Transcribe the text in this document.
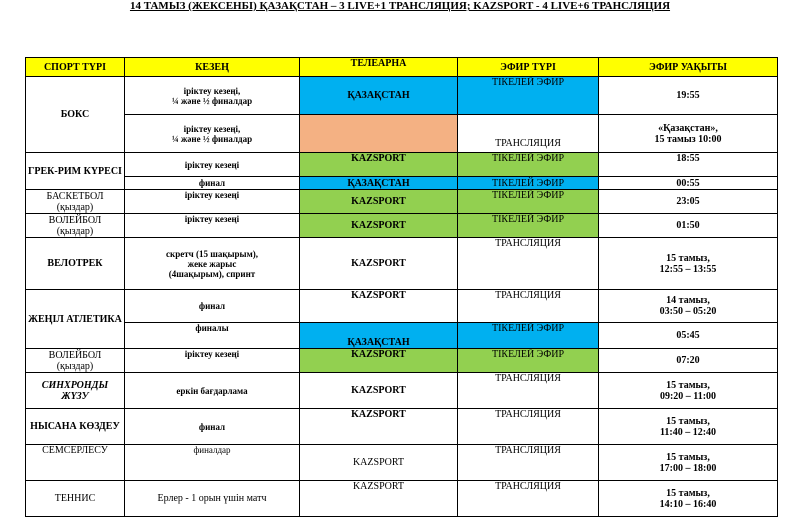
14 ТАМЫЗ (ЖЕКСЕНБІ) ҚАЗАҚСТАН – 3 LIVE+1 ТРАНСЛЯЦИЯ; KAZSPORT - 4 LIVE+6 ТРАНСЛЯЦИЯ
СПОРТ ТҮРІ	КЕЗЕҢ	ТЕЛЕАРНА	ЭФИР ТҮРІ	ЭФИР УАҚЫТЫ
БОКС	іріктеу кезеңі,
¼ және ½ финалдар	ҚАЗАҚСТАН	ТІКЕЛЕЙ ЭФИР	19:55
	іріктеу кезеңі,
¼ және ½ финалдар		ТРАНСЛЯЦИЯ	«Қазақстан»,
15 тамыз 10:00
ГРЕК-РИМ КҮРЕСІ	іріктеу кезеңі	KAZSPORT	ТІКЕЛЕЙ ЭФИР	18:55
	финал	ҚАЗАҚСТАН	ТІКЕЛЕЙ ЭФИР	00:55
БАСКЕТБОЛ
(қыздар)	іріктеу кезеңі	KAZSPORT	ТІКЕЛЕЙ ЭФИР	23:05
ВОЛЕЙБОЛ
(қыздар)	іріктеу кезеңі	KAZSPORT	ТІКЕЛЕЙ ЭФИР	01:50
ВЕЛОТРЕК	скретч (15 шақырым),
жеке жарыс
(4шақырым), спринт	KAZSPORT	ТРАНСЛЯЦИЯ	15 тамыз,
12:55 – 13:55
ЖЕҢІЛ АТЛЕТИКА	финал	KAZSPORT	ТРАНСЛЯЦИЯ	14 тамыз,
03:50 – 05:20
	финалы	ҚАЗАҚСТАН	ТІКЕЛЕЙ ЭФИР	05:45
ВОЛЕЙБОЛ
(қыздар)	іріктеу кезеңі	KAZSPORT	ТІКЕЛЕЙ ЭФИР	07:20
СИНХРОНДЫ ЖҮЗУ	еркін бағдарлама	KAZSPORT	ТРАНСЛЯЦИЯ	15 тамыз,
09:20 – 11:00
НЫСАНА КӨЗДЕУ	финал	KAZSPORT	ТРАНСЛЯЦИЯ	15 тамыз,
11:40 – 12:40
СЕМСЕРЛЕСУ	финалдар	KAZSPORT	ТРАНСЛЯЦИЯ	15 тамыз,
17:00 – 18:00
ТЕННИС	Ерлер - 1 орын үшін матч	KAZSPORT	ТРАНСЛЯЦИЯ	15 тамыз,
14:10 – 16:40
